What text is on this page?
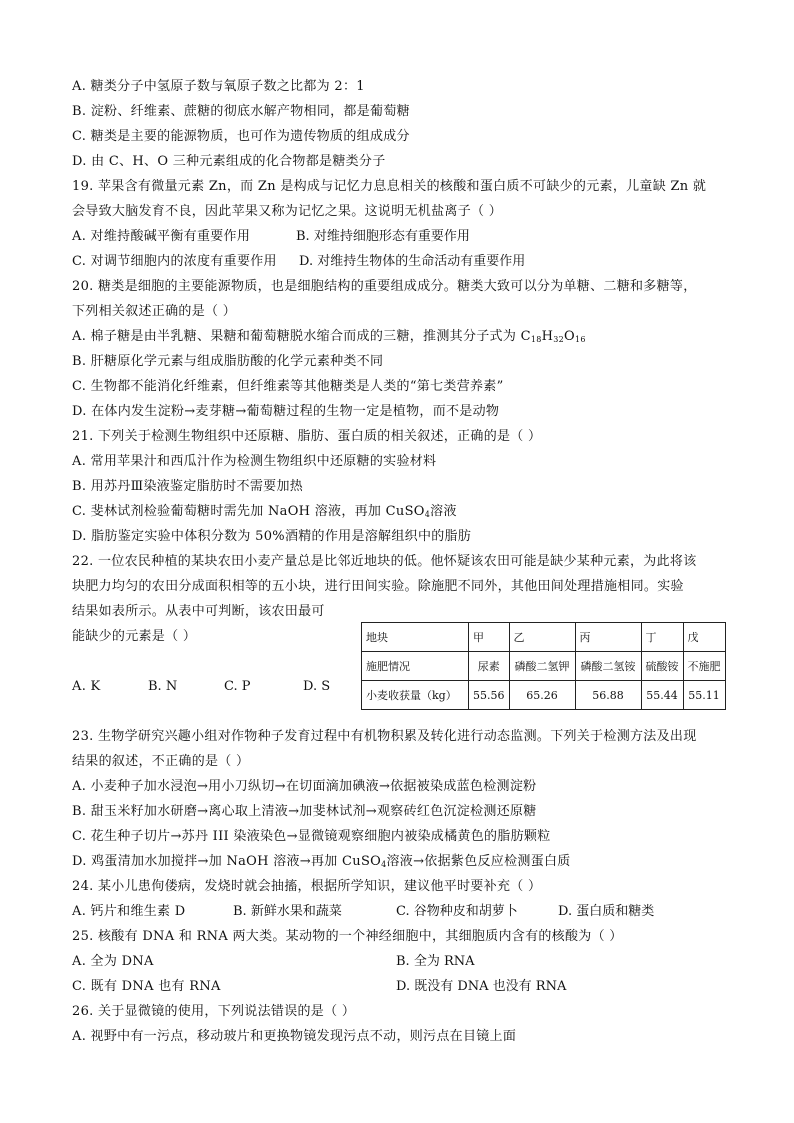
A. 糖类分子中氢原子数与氧原子数之比都为 2：1
B. 淀粉、纤维素、蔗糖的彻底水解产物相同，都是葡萄糖
C. 糖类是主要的能源物质，也可作为遗传物质的组成成分
D. 由 C、H、O 三种元素组成的化合物都是糖类分子
19. 苹果含有微量元素 Zn，而 Zn 是构成与记忆力息息相关的核酸和蛋白质不可缺少的元素，儿童缺 Zn 就
会导致大脑发育不良，因此苹果又称为记忆之果。这说明无机盐离子（ ）
A. 对维持酸碱平衡有重要作用	B. 对维持细胞形态有重要作用
C. 对调节细胞内的浓度有重要作用 D. 对维持生物体的生命活动有重要作用
20. 糖类是细胞的主要能源物质，也是细胞结构的重要组成成分。糖类大致可以分为单糖、二糖和多糖等，
下列相关叙述正确的是（ ）
A. 棉子糖是由半乳糖、果糖和葡萄糖脱水缩合而成的三糖，推测其分子式为 $C_{18}H_{32}O_{16}$
B. 肝糖原化学元素与组成脂肪酸的化学元素种类不同
C. 生物都不能消化纤维素，但纤维素等其他糖类是人类的“第七类营养素”
D. 在体内发生淀粉→麦芽糖→葡萄糖过程的生物一定是植物，而不是动物
21. 下列关于检测生物组织中还原糖、脂肪、蛋白质的相关叙述，正确的是（ ）
A. 常用苹果汁和西瓜汁作为检测生物组织中还原糖的实验材料
B. 用苏丹Ⅲ染液鉴定脂肪时不需要加热
C. 斐林试剂检验葡萄糖时需先加 NaOH 溶液，再加 CuSO$_4$溶液
D. 脂肪鉴定实验中体积分数为 50%酒精的作用是溶解组织中的脂肪
22. 一位农民种植的某块农田小麦产量总是比邻近地块的低。他怀疑该农田可能是缺少某种元素，为此将该
块肥力均匀的农田分成面积相等的五小块，进行田间实验。除施肥不同外，其他田间处理措施相同。实验
结果如表所示。从表中可判断，该农田最可
能缺少的元素是（ ）
A. K	B. N	C. P	D. S
地块	甲	乙	丙	丁	戊
施肥情况	尿素	磷酸二氢钾	磷酸二氢铵	硫酸铵	不施肥
小麦收获量（kg）	55.56	65.26	56.88	55.44	55.11
23. 生物学研究兴趣小组对作物种子发育过程中有机物积累及转化进行动态监测。下列关于检测方法及出现
结果的叙述，不正确的是（ ）
A. 小麦种子加水浸泡→用小刀纵切→在切面滴加碘液→依据被染成蓝色检测淀粉
B. 甜玉米籽加水研磨→离心取上清液→加斐林试剂→观察砖红色沉淀检测还原糖
C. 花生种子切片→苏丹 III 染液染色→显微镜观察细胞内被染成橘黄色的脂肪颗粒
D. 鸡蛋清加水加搅拌→加 NaOH 溶液→再加 CuSO$_4$溶液→依据紫色反应检测蛋白质
24. 某小儿患佝偻病，发烧时就会抽搐，根据所学知识，建议他平时要补充（ ）
A. 钙片和维生素 D	B. 新鲜水果和蔬菜	C. 谷物种皮和胡萝卜	D. 蛋白质和糖类
25. 核酸有 DNA 和 RNA 两大类。某动物的一个神经细胞中，其细胞质内含有的核酸为（ ）
A. 全为 DNA	B. 全为 RNA
C. 既有 DNA 也有 RNA	D. 既没有 DNA 也没有 RNA
26. 关于显微镜的使用，下列说法错误的是（ ）
A. 视野中有一污点，移动玻片和更换物镜发现污点不动，则污点在目镜上面
